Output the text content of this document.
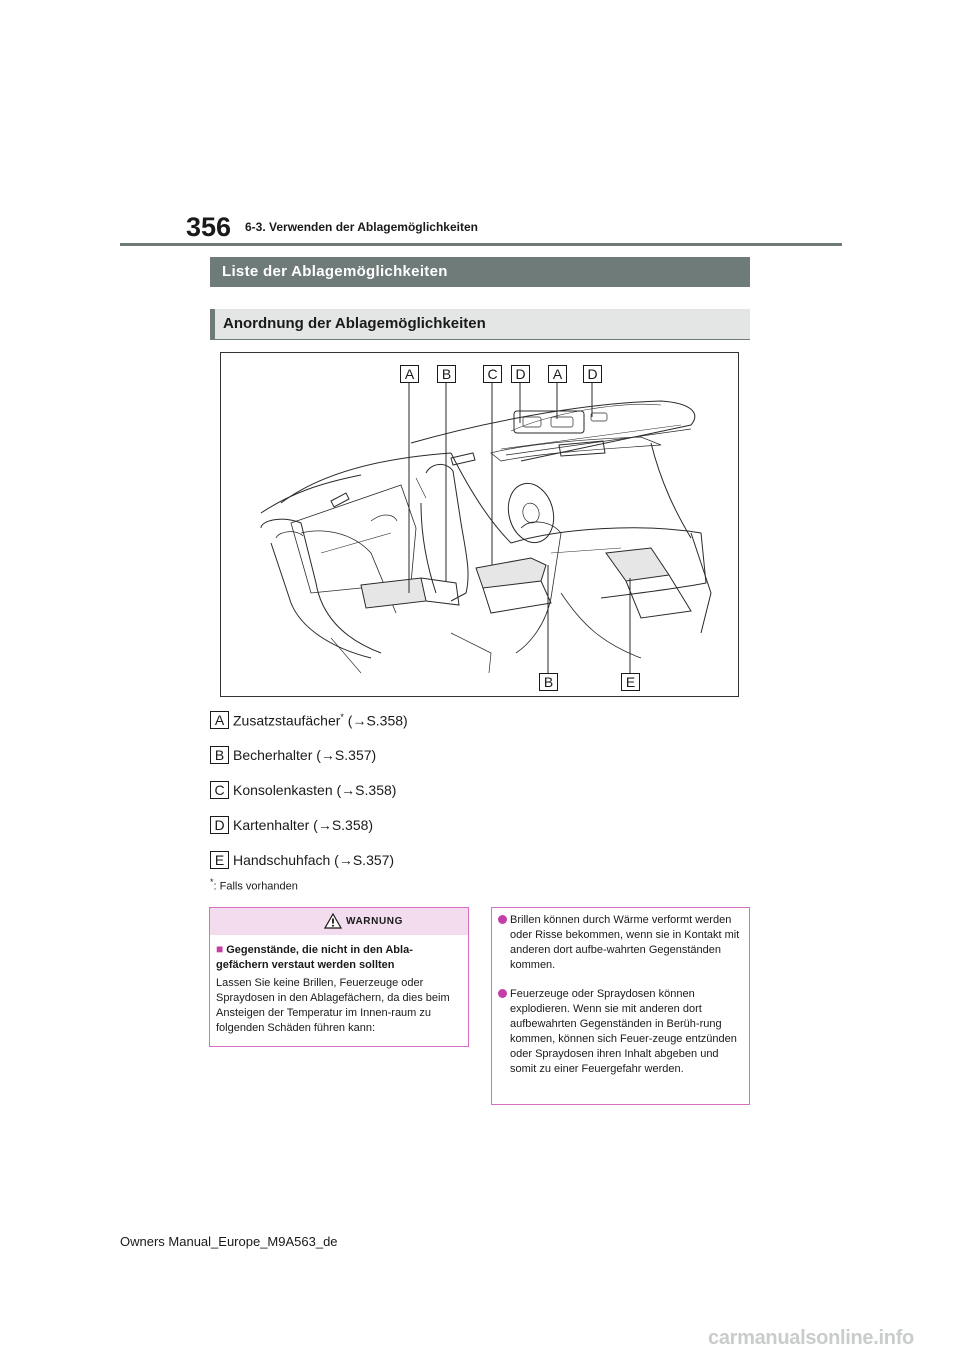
356 6-3. Verwenden der Ablagemöglichkeiten
Liste der Ablagemöglichkeiten
Anordnung der Ablagemöglichkeiten
A	B	C	D	A	D
B	E
A Zusatzstaufächer* (→S.358)
B Becherhalter (→S.357)
C Konsolenkasten (→S.358)
D Kartenhalter (→S.358)
E Handschuhfach (→S.357)
*: Falls vorhanden
WARNUNG
■ Gegenstände, die nicht in den Abla-gefächern verstaut werden sollten
Lassen Sie keine Brillen, Feuerzeuge oder Spraydosen in den Ablagefächern, da dies beim Ansteigen der Temperatur im Innen-raum zu folgenden Schäden führen kann:
Brillen können durch Wärme verformt werden oder Risse bekommen, wenn sie in Kontakt mit anderen dort aufbe-wahrten Gegenständen kommen.
Feuerzeuge oder Spraydosen können explodieren. Wenn sie mit anderen dort aufbewahrten Gegenständen in Berüh-rung kommen, können sich Feuer-zeuge entzünden oder Spraydosen ihren Inhalt abgeben und somit zu einer Feuergefahr werden.
Owners Manual_Europe_M9A563_de
carmanualsonline.info
